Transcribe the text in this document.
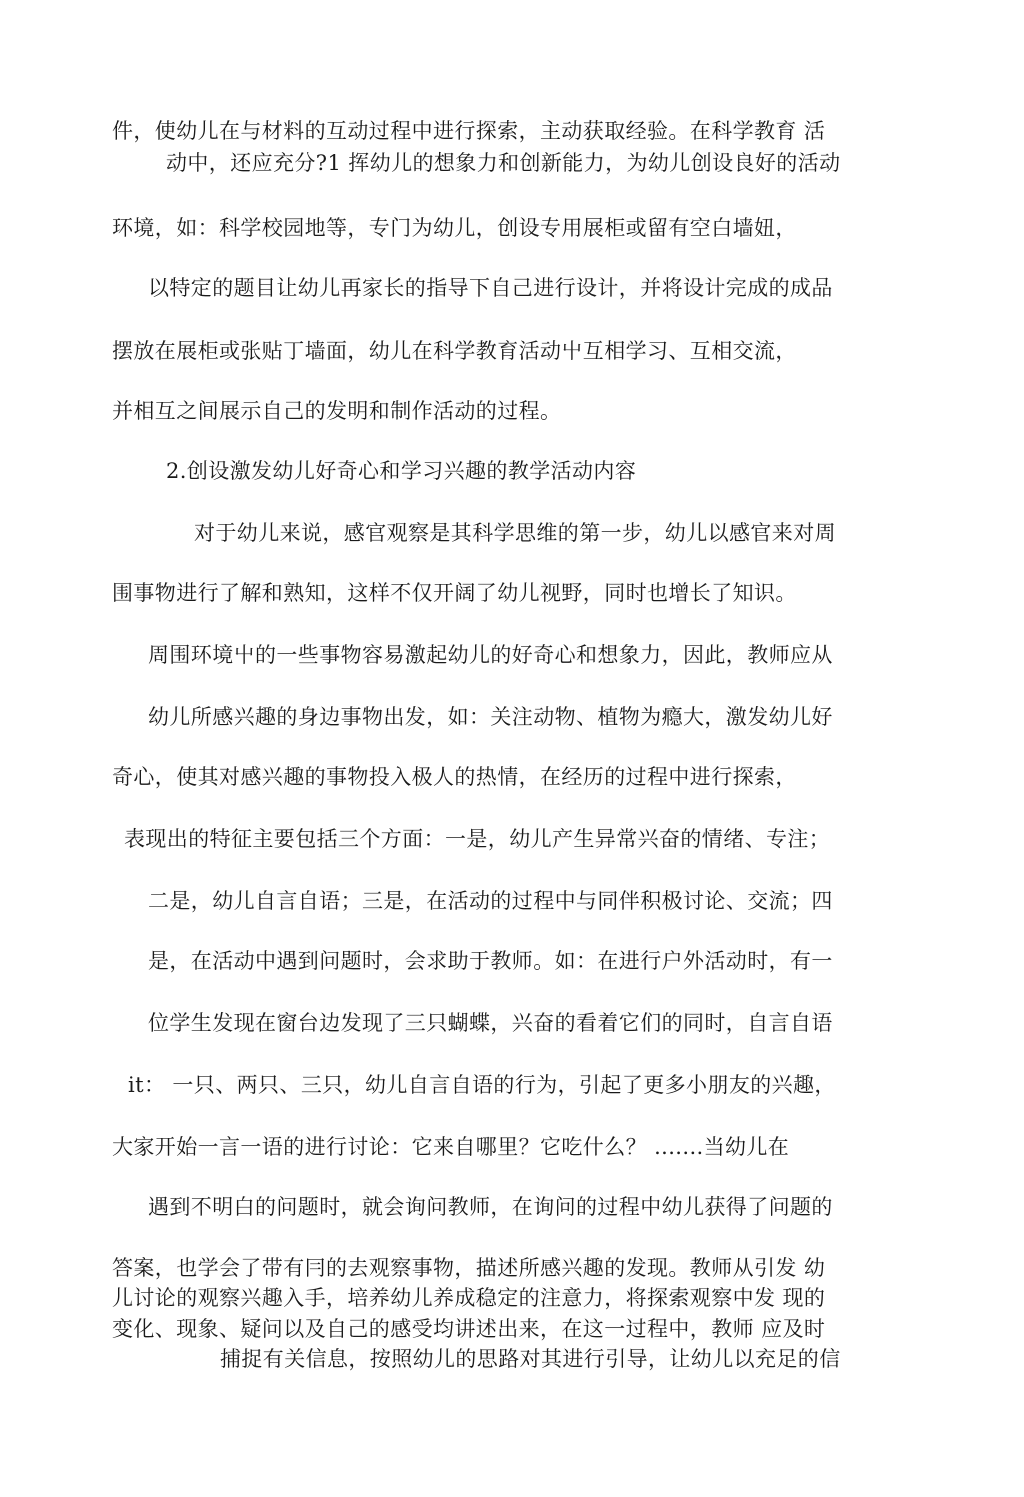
件，使幼儿在与材料的互动过程中进行探索，主动获取经验。在科学教育 活
动中，还应充分?1 挥幼儿的想象力和创新能力，为幼儿创设良好的活动
环境，如：科学校园地等，专门为幼儿，创设专用展柜或留有空白墙妞，
以特定的题目让幼儿再家长的指导下自己进行设计，并将设计完成的成品
摆放在展柜或张贴丁墙面，幼儿在科学教育活动屮互相学习、互相交流，
并相互之间展示自己的发明和制作活动的过程。
2.创设激发幼儿好奇心和学习兴趣的教学活动内容
对于幼儿来说，感官观察是其科学思维的第一步，幼儿以感官来对周
围事物进行了解和熟知，这样不仅开阔了幼儿视野，同时也增长了知识。
周围环境屮的一些事物容易激起幼儿的好奇心和想象力，因此，教师应从
幼儿所感兴趣的身边事物出发，如：关注动物、植物为瘾大，激发幼儿好
奇心，使其对感兴趣的事物投入极人的热情，在经历的过程中进行探索，
表现出的特征主要包括三个方面：一是，幼儿产生异常兴奋的情绪、专注；
二是，幼儿自言自语；三是，在活动的过程中与同伴积极讨论、交流；四
是，在活动中遇到问题时，会求助于教师。如：在进行户外活动时，有一
位学生发现在窗台边发现了三只蝴蝶，兴奋的看着它们的同时，自言自语
it： 一只、两只、三只，幼儿自言自语的行为，引起了更多小朋友的兴趣，
大家开始一言一语的进行讨论：它来自哪里？它吃什么？ .......当幼儿在
遇到不明白的问题时，就会询问教师，在询问的过程中幼儿获得了问题的
答案，也学会了带有冃的去观察事物，描述所感兴趣的发现。教师从引发 幼
儿讨论的观察兴趣入手，培养幼儿养成稳定的注意力，将探索观察中发 现的
变化、现象、疑问以及自己的感受均讲述出来，在这一过程中，教师 应及时
捕捉有关信息，按照幼儿的思路对其进行引导，让幼儿以充足的信
